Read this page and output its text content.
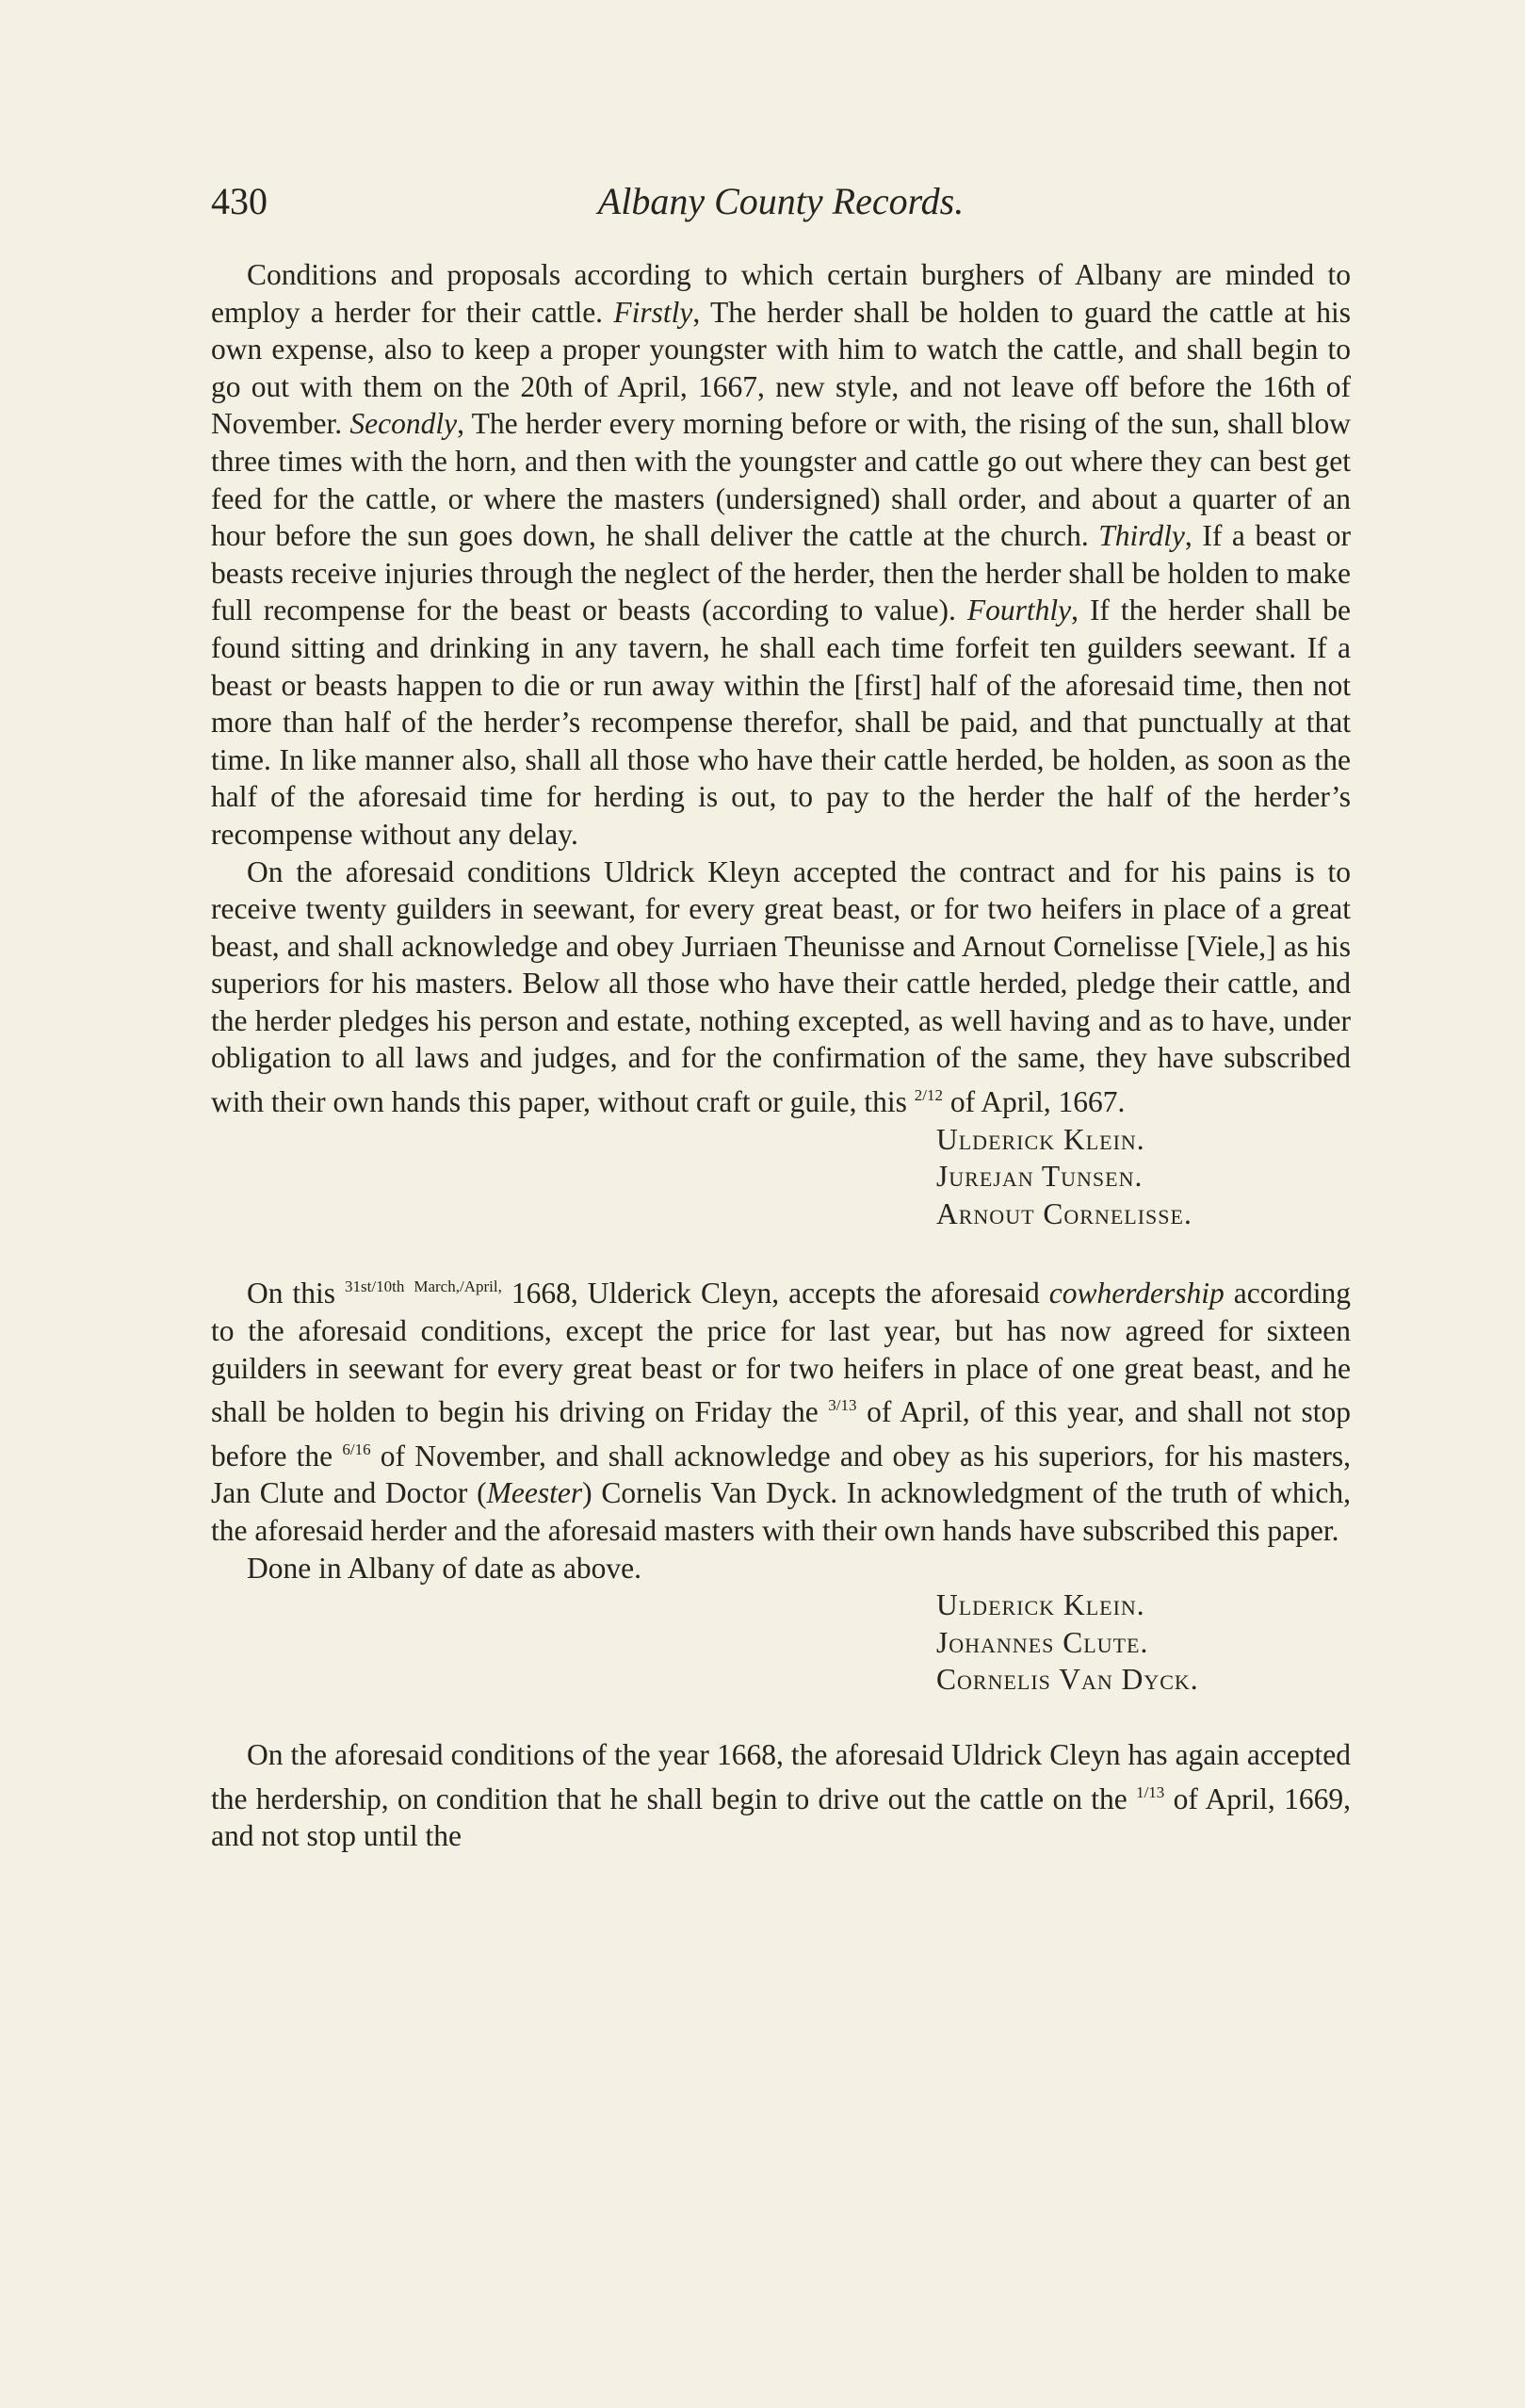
430	Albany County Records.

Conditions and proposals according to which certain burghers of Albany are minded to employ a herder for their cattle. Firstly, The herder shall be holden to guard the cattle at his own expense, also to keep a proper youngster with him to watch the cattle, and shall begin to go out with them on the 20th of April, 1667, new style, and not leave off before the 16th of November. Secondly, The herder every morning before or with, the rising of the sun, shall blow three times with the horn, and then with the youngster and cattle go out where they can best get feed for the cattle, or where the masters (undersigned) shall order, and about a quarter of an hour before the sun goes down, he shall deliver the cattle at the church. Thirdly, If a beast or beasts receive injuries through the neglect of the herder, then the herder shall be holden to make full recompense for the beast or beasts (according to value). Fourthly, If the herder shall be found sitting and drinking in any tavern, he shall each time forfeit ten guilders seewant. If a beast or beasts happen to die or run away within the [first] half of the aforesaid time, then not more than half of the herder’s recompense therefor, shall be paid, and that punctually at that time. In like manner also, shall all those who have their cattle herded, be holden, as soon as the half of the aforesaid time for herding is out, to pay to the herder the half of the herder’s recompense without any delay.

On the aforesaid conditions Uldrick Kleyn accepted the contract and for his pains is to receive twenty guilders in seewant, for every great beast, or for two heifers in place of a great beast, and shall acknowledge and obey Jurriaen Theunisse and Arnout Cornelisse [Viele,] as his superiors for his masters. Below all those who have their cattle herded, pledge their cattle, and the herder pledges his person and estate, nothing excepted, as well having and as to have, under obligation to all laws and judges, and for the confirmation of the same, they have subscribed with their own hands this paper, without craft or guile, this $^{2/12}$ of April, 1667.

Ulderick Klein.
Jurejan Tunsen.
Arnout Cornelisse.

On this $^{31st/10th}$ $^{March,/April,}$ 1668, Ulderick Cleyn, accepts the aforesaid cowherdership according to the aforesaid conditions, except the price for last year, but has now agreed for sixteen guilders in seewant for every great beast or for two heifers in place of one great beast, and he shall be holden to begin his driving on Friday the $^{3/13}$ of April, of this year, and shall not stop before the $^{6/16}$ of November, and shall acknowledge and obey as his superiors, for his masters, Jan Clute and Doctor (Meester) Cornelis Van Dyck. In acknowledgment of the truth of which, the aforesaid herder and the aforesaid masters with their own hands have subscribed this paper.

Done in Albany of date as above.

Ulderick Klein.
Johannes Clute.
Cornelis Van Dyck.

On the aforesaid conditions of the year 1668, the aforesaid Uldrick Cleyn has again accepted the herdership, on condition that he shall begin to drive out the cattle on the $^{1/13}$ of April, 1669, and not stop until the
